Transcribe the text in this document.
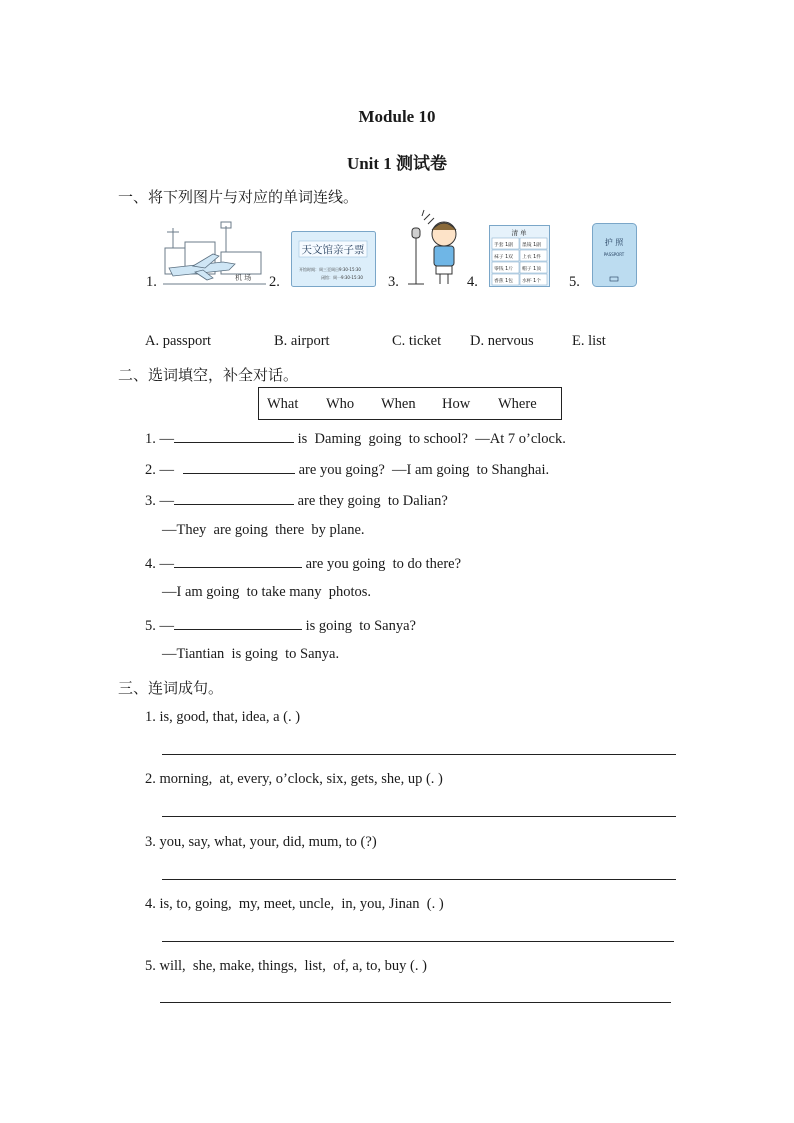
Module 10
Unit 1 测试卷
一、将下列图片与对应的单词连线。
1.	机 场 2.
天文馆亲子票
开馆时间：周三至周日9:30-15:30
闭馆：周一9:30-15:30 3.	4.
清 单
手套 1副 墨镜 1副
袜子 1双 上衣 1件
零钱 1斤 帽子 1顶
香蕉 1包 水杯 1个 5.
护 照
PASSPORT
A. passport	B. airport	C. ticket D. nervous	E. list
二、选词填空，补全对话。
What Who When How Where
1. —	is  Daming  going  to school?  —At 7 o’clock.
2. —	are you going?  —I am going  to Shanghai.
3. —	are they going  to Dalian?
—They  are going  there  by plane.
4. —	are you going  to do there?
—I am going  to take many  photos.
5. —	is going  to Sanya?
—Tiantian  is going  to Sanya.
三、连词成句。
1. is, good, that, idea, a (. )
2. morning,  at, every, o’clock, six, gets, she, up (. )
3. you, say, what, your, did, mum, to (?)
4. is, to, going,  my, meet, uncle,  in, you, Jinan  (. )
5. will,  she, make, things,  list,  of, a, to, buy (. )
